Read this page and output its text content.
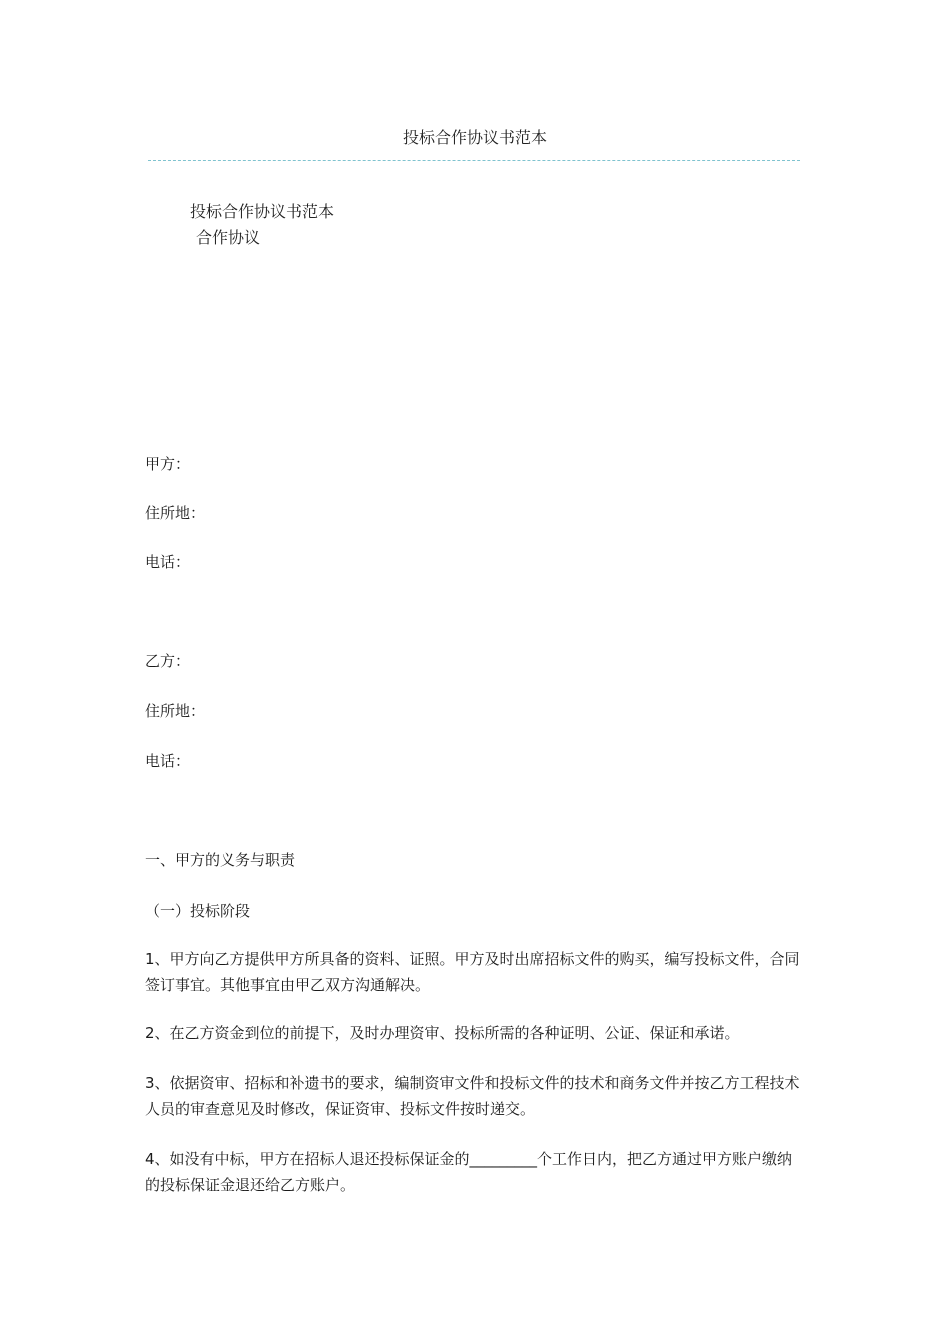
投标合作协议书范本
投标合作协议书范本
合作协议
甲方：
住所地：
电话：
乙方：
住所地：
电话：
一、甲方的义务与职责
（一）投标阶段
1、甲方向乙方提供甲方所具备的资料、证照。甲方及时出席招标文件的购买，编写投标文件，合同签订事宜。其他事宜由甲乙双方沟通解决。
2、在乙方资金到位的前提下，及时办理资审、投标所需的各种证明、公证、保证和承诺。
3、依据资审、招标和补遗书的要求，编制资审文件和投标文件的技术和商务文件并按乙方工程技术人员的审查意见及时修改，保证资审、投标文件按时递交。
4、如没有中标，甲方在招标人退还投标保证金的_________个工作日内，把乙方通过甲方账户缴纳的投标保证金退还给乙方账户。
